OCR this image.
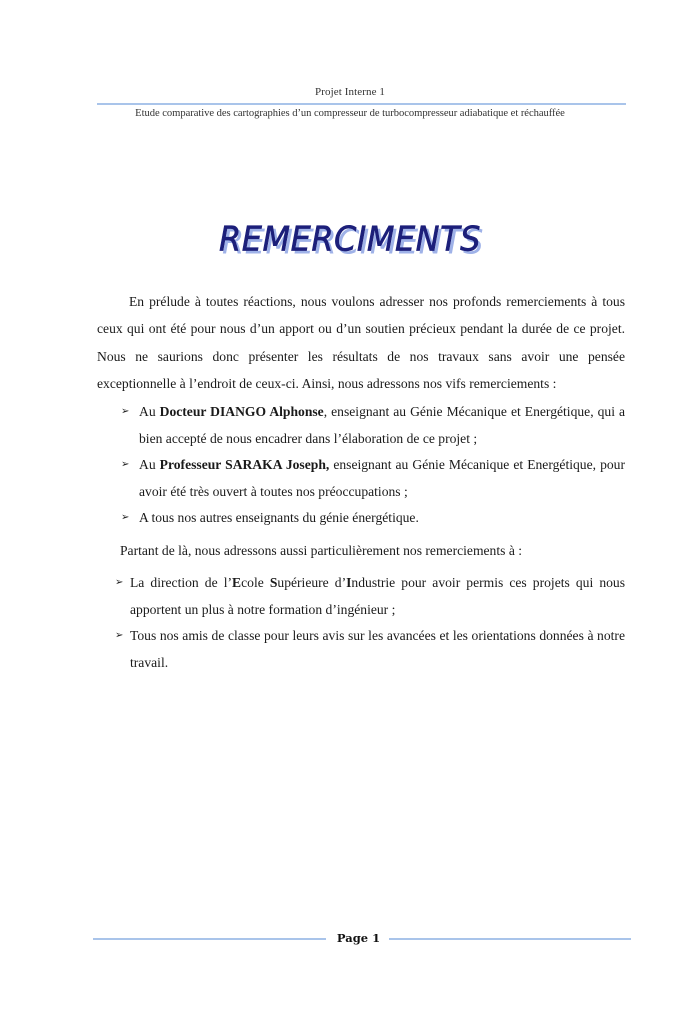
Projet Interne 1
Etude comparative des cartographies d’un compresseur de turbocompresseur adiabatique et réchauffée
REMERCIMENTS

En prélude à toutes réactions, nous voulons adresser nos profonds remerciements à tous ceux qui ont été pour nous d’un apport ou d’un soutien précieux pendant la durée de ce projet. Nous ne saurions donc présenter les résultats de nos travaux sans avoir une pensée exceptionnelle à l’endroit de ceux-ci. Ainsi, nous adressons nos vifs remerciements :

➢ Au Docteur DIANGO Alphonse, enseignant au Génie Mécanique et Energétique, qui a bien accepté de nous encadrer dans l’élaboration de ce projet ;
➢ Au Professeur SARAKA Joseph, enseignant au Génie Mécanique et Energétique, pour avoir été très ouvert à toutes nos préoccupations ;
➢ A tous nos autres enseignants du génie énergétique.

Partant de là, nous adressons aussi particulièrement nos remerciements à :

➢ La direction de l’Ecole Supérieure d’Industrie pour avoir permis ces projets qui nous apportent un plus à notre formation d’ingénieur ;
➢ Tous nos amis de classe pour leurs avis sur les avancées et les orientations données à notre travail.
Page 1
